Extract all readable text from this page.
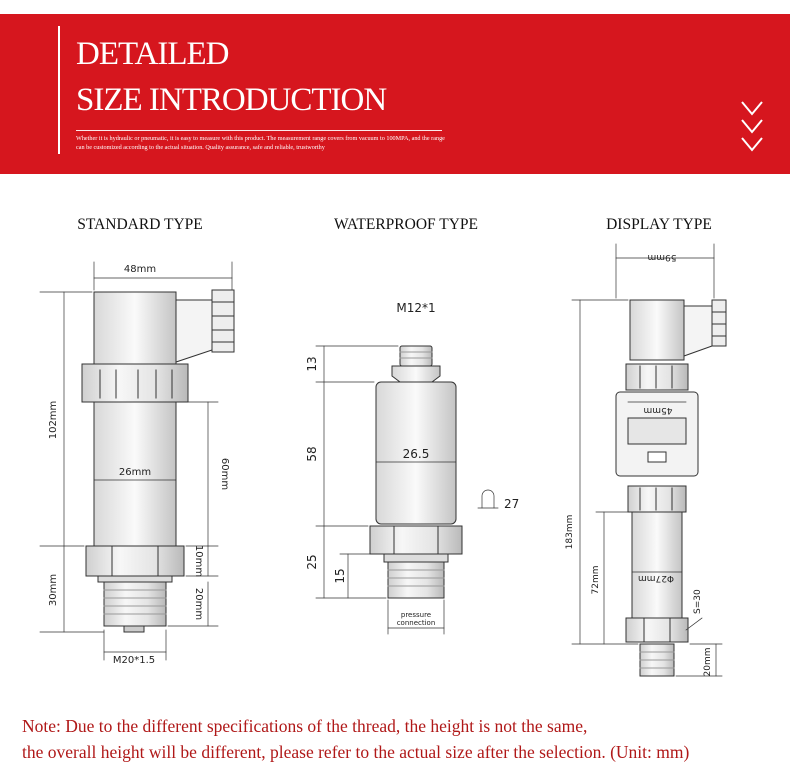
DETAILED
SIZE INTRODUCTION
Whether it is hydraulic or pneumatic, it is easy to measure with this product. The measurement range covers from vacuum to 100MPA, and the range can be customized according to the actual situation. Quality assurance, safe and reliable, trustworthy
STANDARD TYPE	WATERPROOF TYPE	DISPLAY TYPE
48mm
102mm
26mm	60mm
10mm
20mm
30mm
M20*1.5
M12*1
13
58	26.5
27
25
15
pressure
connection
59mm
45mm
183mm
Φ27mm
72mm
S=30
20mm
Note: Due to the different specifications of the thread, the height is not the same,
the overall height will be different, please refer to the actual size after the selection. (Unit: mm)
